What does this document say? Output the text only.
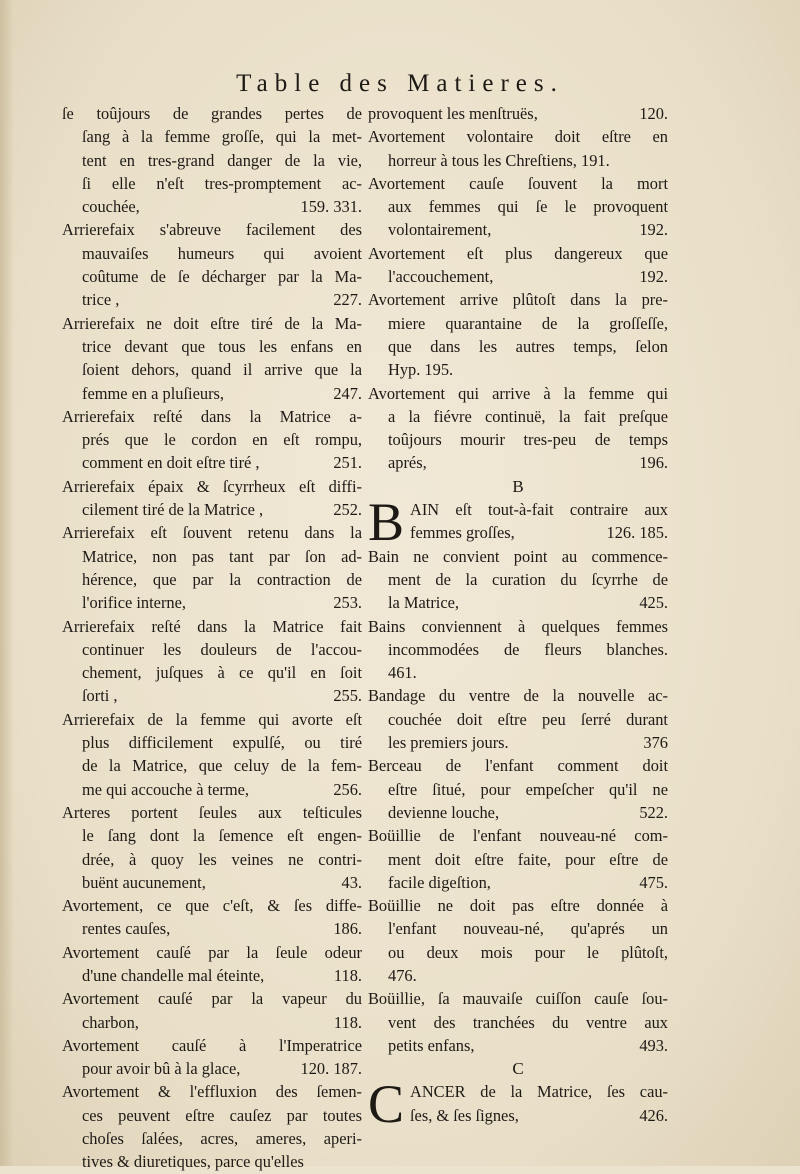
Table des Matieres.
ſe toûjours de grandes pertes de
ſang à la femme groſſe, qui la met-
tent en tres-grand danger de la vie,
ſi elle n'eſt tres-promptement ac-
couchée,	159. 331.
Arrierefaix s'abreuve facilement des
mauvaiſes humeurs qui avoient
coûtume de ſe décharger par la Ma-
trice ,	227.
Arrierefaix ne doit eſtre tiré de la Ma-
trice devant que tous les enfans en
ſoient dehors, quand il arrive que la
femme en a pluſieurs,	247.
Arrierefaix reſté dans la Matrice a-
prés que le cordon en eſt rompu,
comment en doit eſtre tiré ,	251.
Arrierefaix épaix & ſcyrrheux eſt diffi-
cilement tiré de la Matrice ,	252.
Arrierefaix eſt ſouvent retenu dans la
Matrice, non pas tant par ſon ad-
hérence, que par la contraction de
l'orifice interne,	253.
Arrierefaix reſté dans la Matrice fait
continuer les douleurs de l'accou-
chement, juſques à ce qu'il en ſoit
ſorti ,	255.
Arrierefaix de la femme qui avorte eſt
plus difficilement expulſé, ou tiré
de la Matrice, que celuy de la fem-
me qui accouche à terme,	256.
Arteres portent ſeules aux teſticules
le ſang dont la ſemence eſt engen-
drée, à quoy les veines ne contri-
buënt aucunement,	43.
Avortement, ce que c'eſt, & ſes diffe-
rentes cauſes,	186.
Avortement cauſé par la ſeule odeur
d'une chandelle mal éteinte,	118.
Avortement cauſé par la vapeur du
charbon,	118.
Avortement cauſé à l'Imperatrice
pour avoir bû à la glace,	120. 187.
Avortement & l'effluxion des ſemen-
ces peuvent eſtre cauſez par toutes
choſes ſalées, acres, ameres, aperi-
tives & diuretiques, parce qu'elles
provoquent les menſtruës,	120.
Avortement volontaire doit eſtre en
horreur à tous les Chreſtiens, 191.
Avortement cauſe ſouvent la mort
aux femmes qui ſe le provoquent
volontairement,	192.
Avortement eſt plus dangereux que
l'accouchement,	192.
Avortement arrive plûtoſt dans la pre-
miere quarantaine de la groſſeſſe,
que dans les autres temps, ſelon
Hyp. 195.
Avortement qui arrive à la femme qui
a la fiévre continuë, la fait preſque
toûjours mourir tres-peu de temps
aprés,	196.
B
B AIN eſt tout-à-fait contraire aux
femmes groſſes,	126. 185.
Bain ne convient point au commence-
ment de la curation du ſcyrrhe de
la Matrice,	425.
Bains conviennent à quelques femmes
incommodées de fleurs blanches.
461.
Bandage du ventre de la nouvelle ac-
couchée doit eſtre peu ſerré durant
les premiers jours.	376
Berceau de l'enfant comment doit
eſtre ſitué, pour empeſcher qu'il ne
devienne louche,	522.
Boüillie de l'enfant nouveau-né com-
ment doit eſtre faite, pour eſtre de
facile digeſtion,	475.
Boüillie ne doit pas eſtre donnée à
l'enfant nouveau-né, qu'aprés un
ou deux mois pour le plûtoſt,
476.
Boüillie, ſa mauvaiſe cuiſſon cauſe ſou-
vent des tranchées du ventre aux
petits enfans,	493.
C
C ANCER de la Matrice, ſes cau-
ſes, & ſes ſignes,	426.
